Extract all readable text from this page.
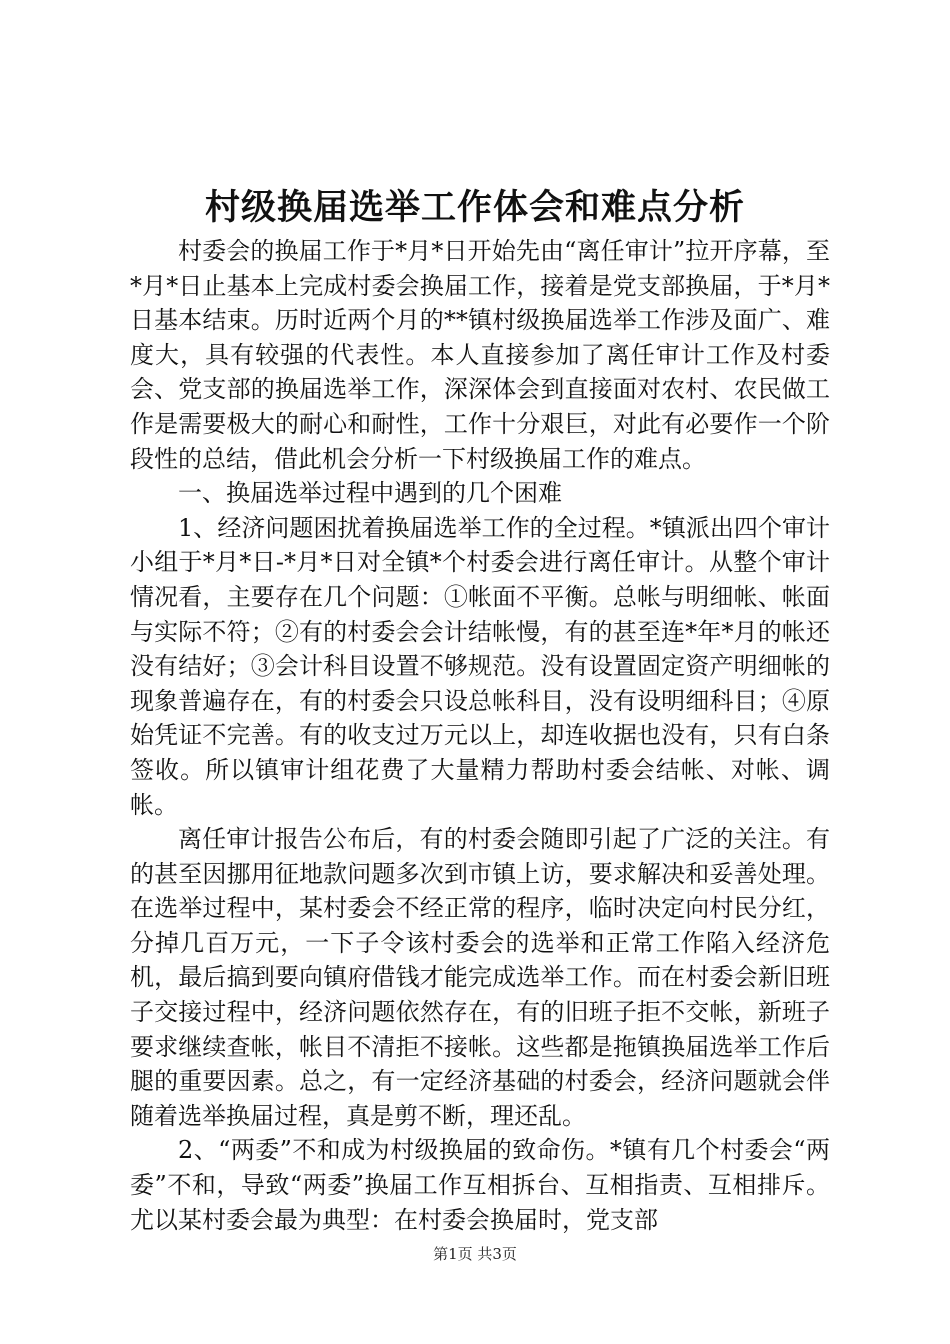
村级换届选举工作体会和难点分析

村委会的换届工作于*月*日开始先由“离任审计”拉开序幕，至*月*日止基本上完成村委会换届工作，接着是党支部换届，于*月*日基本结束。历时近两个月的**镇村级换届选举工作涉及面广、难度大，具有较强的代表性。本人直接参加了离任审计工作及村委会、党支部的换届选举工作，深深体会到直接面对农村、农民做工作是需要极大的耐心和耐性，工作十分艰巨，对此有必要作一个阶段性的总结，借此机会分析一下村级换届工作的难点。

一、换届选举过程中遇到的几个困难

1、经济问题困扰着换届选举工作的全过程。*镇派出四个审计小组于*月*日-*月*日对全镇*个村委会进行离任审计。从整个审计情况看，主要存在几个问题：①帐面不平衡。总帐与明细帐、帐面与实际不符；②有的村委会会计结帐慢，有的甚至连*年*月的帐还没有结好；③会计科目设置不够规范。没有设置固定资产明细帐的现象普遍存在，有的村委会只设总帐科目，没有设明细科目；④原始凭证不完善。有的收支过万元以上，却连收据也没有，只有白条签收。所以镇审计组花费了大量精力帮助村委会结帐、对帐、调帐。

离任审计报告公布后，有的村委会随即引起了广泛的关注。有的甚至因挪用征地款问题多次到市镇上访，要求解决和妥善处理。在选举过程中，某村委会不经正常的程序，临时决定向村民分红，分掉几百万元，一下子令该村委会的选举和正常工作陷入经济危机，最后搞到要向镇府借钱才能完成选举工作。而在村委会新旧班子交接过程中，经济问题依然存在，有的旧班子拒不交帐，新班子要求继续查帐，帐目不清拒不接帐。这些都是拖镇换届选举工作后腿的重要因素。总之，有一定经济基础的村委会，经济问题就会伴随着选举换届过程，真是剪不断，理还乱。

2、“两委”不和成为村级换届的致命伤。*镇有几个村委会“两委”不和，导致“两委”换届工作互相拆台、互相指责、互相排斥。尤以某村委会最为典型：在村委会换届时，党支部

第1页 共3页
